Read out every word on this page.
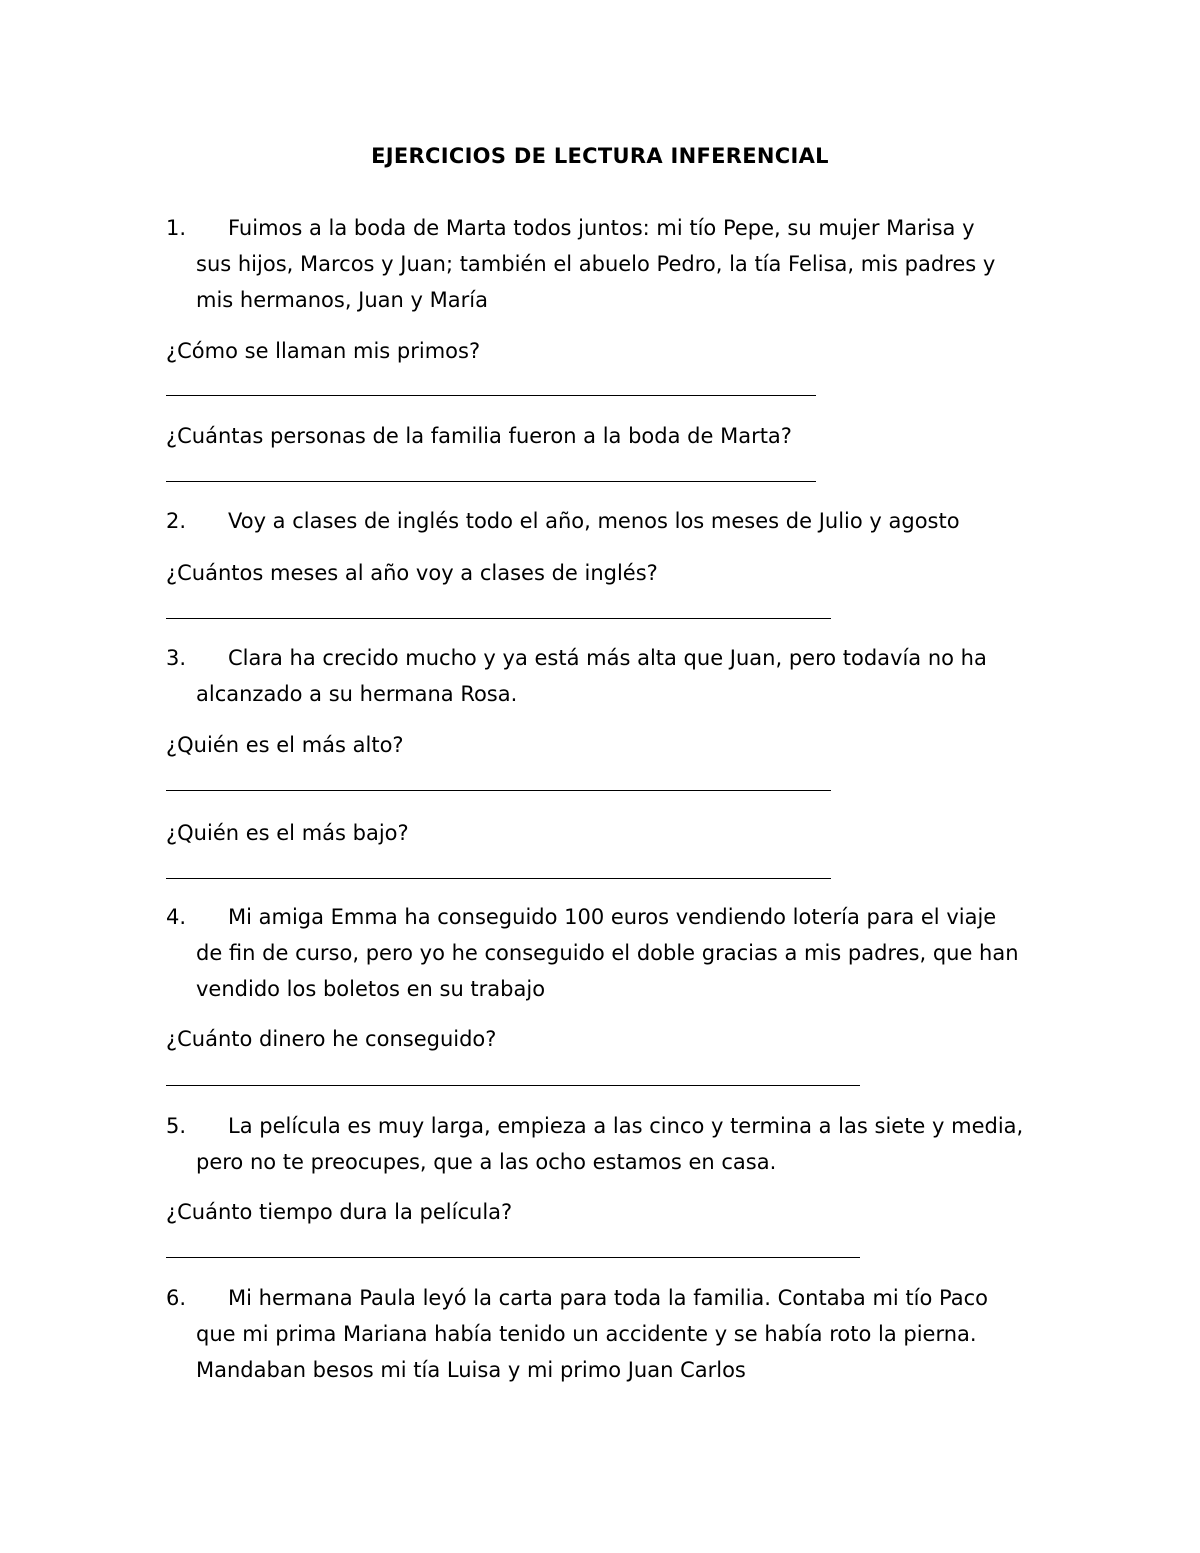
EJERCICIOS DE LECTURA INFERENCIAL
1.	Fuimos a la boda de Marta todos juntos: mi tío Pepe, su mujer Marisa y
sus hijos, Marcos y Juan; también el abuelo Pedro, la tía Felisa, mis padres y
mis hermanos, Juan y María
¿Cómo se llaman mis primos?
¿Cuántas personas de la familia fueron a la boda de Marta?
2.	Voy a clases de inglés todo el año, menos los meses de Julio y agosto
¿Cuántos meses al año voy a clases de inglés?
3.	Clara ha crecido mucho y ya está más alta que Juan, pero todavía no ha
alcanzado a su hermana Rosa.
¿Quién es el más alto?
¿Quién es el más bajo?
4.	Mi amiga Emma ha conseguido 100 euros vendiendo lotería para el viaje
de fin de curso, pero yo he conseguido el doble gracias a mis padres, que han
vendido los boletos en su trabajo
¿Cuánto dinero he conseguido?
5.	La película es muy larga, empieza a las cinco y termina a las siete y media,
pero no te preocupes, que a las ocho estamos en casa.
¿Cuánto tiempo dura la película?
6.	Mi hermana Paula leyó la carta para toda la familia. Contaba mi tío Paco
que mi prima Mariana había tenido un accidente y se había roto la pierna.
Mandaban besos mi tía Luisa y mi primo Juan Carlos
